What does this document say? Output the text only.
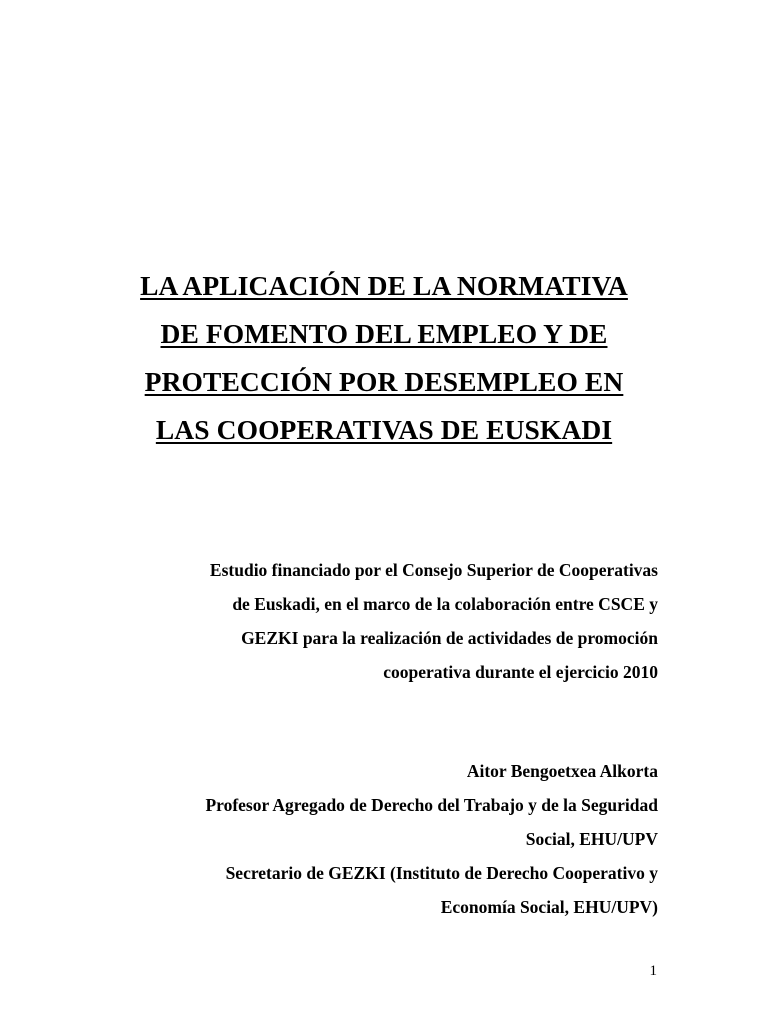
LA APLICACIÓN DE LA NORMATIVA
DE FOMENTO DEL EMPLEO Y DE
PROTECCIÓN POR DESEMPLEO EN
LAS COOPERATIVAS DE EUSKADI
Estudio financiado por el Consejo Superior de Cooperativas
de Euskadi, en el marco de la colaboración entre CSCE y
GEZKI para la realización de actividades de promoción
cooperativa durante el ejercicio 2010
Aitor Bengoetxea Alkorta
Profesor Agregado de Derecho del Trabajo y de la Seguridad
Social, EHU/UPV
Secretario de GEZKI (Instituto de Derecho Cooperativo y
Economía Social, EHU/UPV)
1
